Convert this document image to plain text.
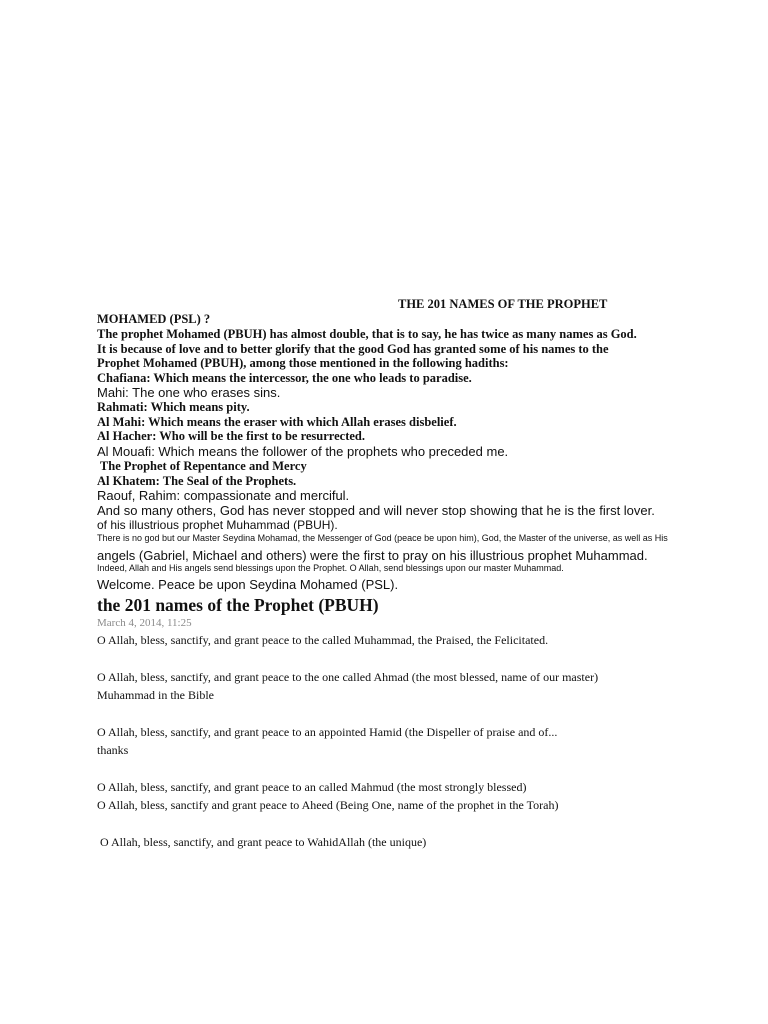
THE 201 NAMES OF THE PROPHET
MOHAMED (PSL) ?
The prophet Mohamed (PBUH) has almost double, that is to say, he has twice as many names as God.
It is because of love and to better glorify that the good God has granted some of his names to the
Prophet Mohamed (PBUH), among those mentioned in the following hadiths:
Chafiana: Which means the intercessor, the one who leads to paradise.
Mahi: The one who erases sins.
Rahmati: Which means pity.
Al Mahi: Which means the eraser with which Allah erases disbelief.
Al Hacher: Who will be the first to be resurrected.
Al Mouafi: Which means the follower of the prophets who preceded me.
The Prophet of Repentance and Mercy
Al Khatem: The Seal of the Prophets.
Raouf, Rahim: compassionate and merciful.
And so many others, God has never stopped and will never stop showing that he is the first lover.
of his illustrious prophet Muhammad (PBUH).
There is no god but our Master Seydina Mohamad, the Messenger of God (peace be upon him), God, the Master of the universe, as well as His
angels (Gabriel, Michael and others) were the first to pray on his illustrious prophet Muhammad.
Indeed, Allah and His angels send blessings upon the Prophet. O Allah, send blessings upon our master Muhammad.
Welcome. Peace be upon Seydina Mohamed (PSL).
the 201 names of the Prophet (PBUH)
March 4, 2014, 11:25
O Allah, bless, sanctify, and grant peace to the called Muhammad, the Praised, the Felicitated.
O Allah, bless, sanctify, and grant peace to the one called Ahmad (the most blessed, name of our master)
Muhammad in the Bible
O Allah, bless, sanctify, and grant peace to an appointed Hamid (the Dispeller of praise and of...
thanks
O Allah, bless, sanctify, and grant peace to an called Mahmud (the most strongly blessed)
O Allah, bless, sanctify and grant peace to Aheed (Being One, name of the prophet in the Torah)
O Allah, bless, sanctify, and grant peace to WahidAllah (the unique)
